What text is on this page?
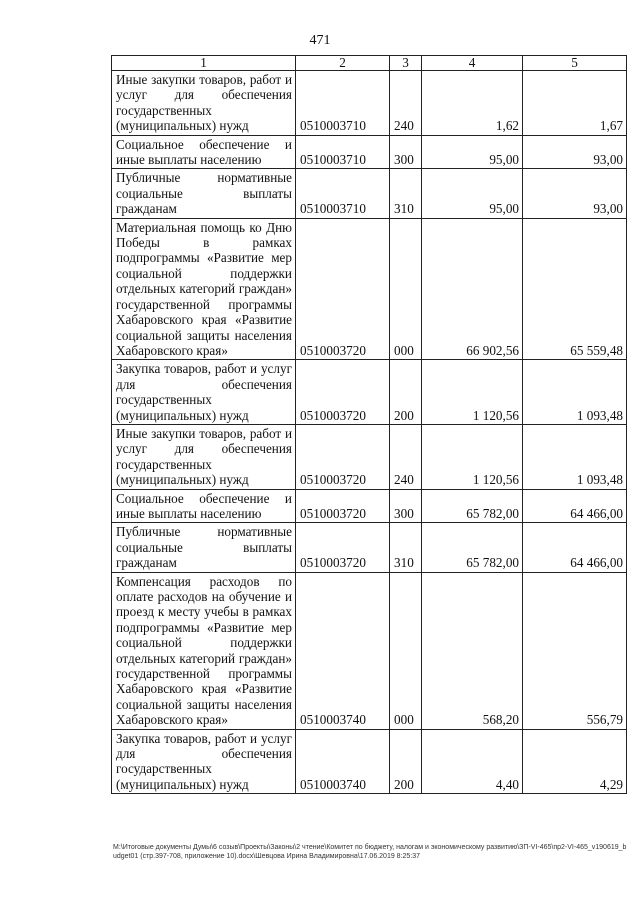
471
1	2	3	4	5
Иные закупки товаров, работ и услуг для обеспечения государственных (муниципальных) нужд	0510003710	240	1,62	1,67
Социальное обеспечение и иные выплаты населению	0510003710	300	95,00	93,00
Публичные нормативные социальные выплаты гражданам	0510003710	310	95,00	93,00
Материальная помощь ко Дню Победы в рамках подпрограммы «Развитие мер социальной поддержки отдельных категорий граждан» государственной программы Хабаровского края «Развитие социальной защиты населения Хабаровского края»	0510003720	000	66 902,56	65 559,48
Закупка товаров, работ и услуг для обеспечения государственных (муниципальных) нужд	0510003720	200	1 120,56	1 093,48
Иные закупки товаров, работ и услуг для обеспечения государственных (муниципальных) нужд	0510003720	240	1 120,56	1 093,48
Социальное обеспечение и иные выплаты населению	0510003720	300	65 782,00	64 466,00
Публичные нормативные социальные выплаты гражданам	0510003720	310	65 782,00	64 466,00
Компенсация расходов по оплате расходов на обучение и проезд к месту учебы в рамках подпрограммы «Развитие мер социальной поддержки отдельных категорий граждан» государственной программы Хабаровского края «Развитие социальной защиты населения Хабаровского края»	0510003740	000	568,20	556,79
Закупка товаров, работ и услуг для обеспечения государственных (муниципальных) нужд	0510003740	200	4,40	4,29
M:\Итоговые документы Думы\6 созыв\Проекты\Законы\2 чтение\Комитет по бюджету, налогам и экономическому развитию\ЗП-VI-465\пр2-VI-465_v190619_budget01 (стр.397-708, приложение 10).docx\Шевцова Ирина Владимировна\17.06.2019 8:25:37
